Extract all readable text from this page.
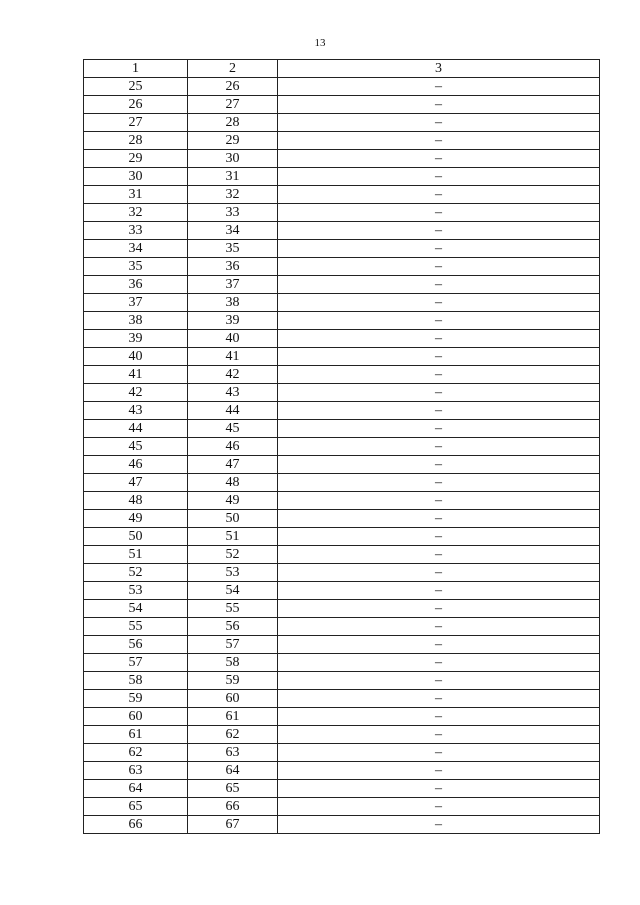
13
1	2	3
25	26	–
26	27	–
27	28	–
28	29	–
29	30	–
30	31	–
31	32	–
32	33	–
33	34	–
34	35	–
35	36	–
36	37	–
37	38	–
38	39	–
39	40	–
40	41	–
41	42	–
42	43	–
43	44	–
44	45	–
45	46	–
46	47	–
47	48	–
48	49	–
49	50	–
50	51	–
51	52	–
52	53	–
53	54	–
54	55	–
55	56	–
56	57	–
57	58	–
58	59	–
59	60	–
60	61	–
61	62	–
62	63	–
63	64	–
64	65	–
65	66	–
66	67	–
